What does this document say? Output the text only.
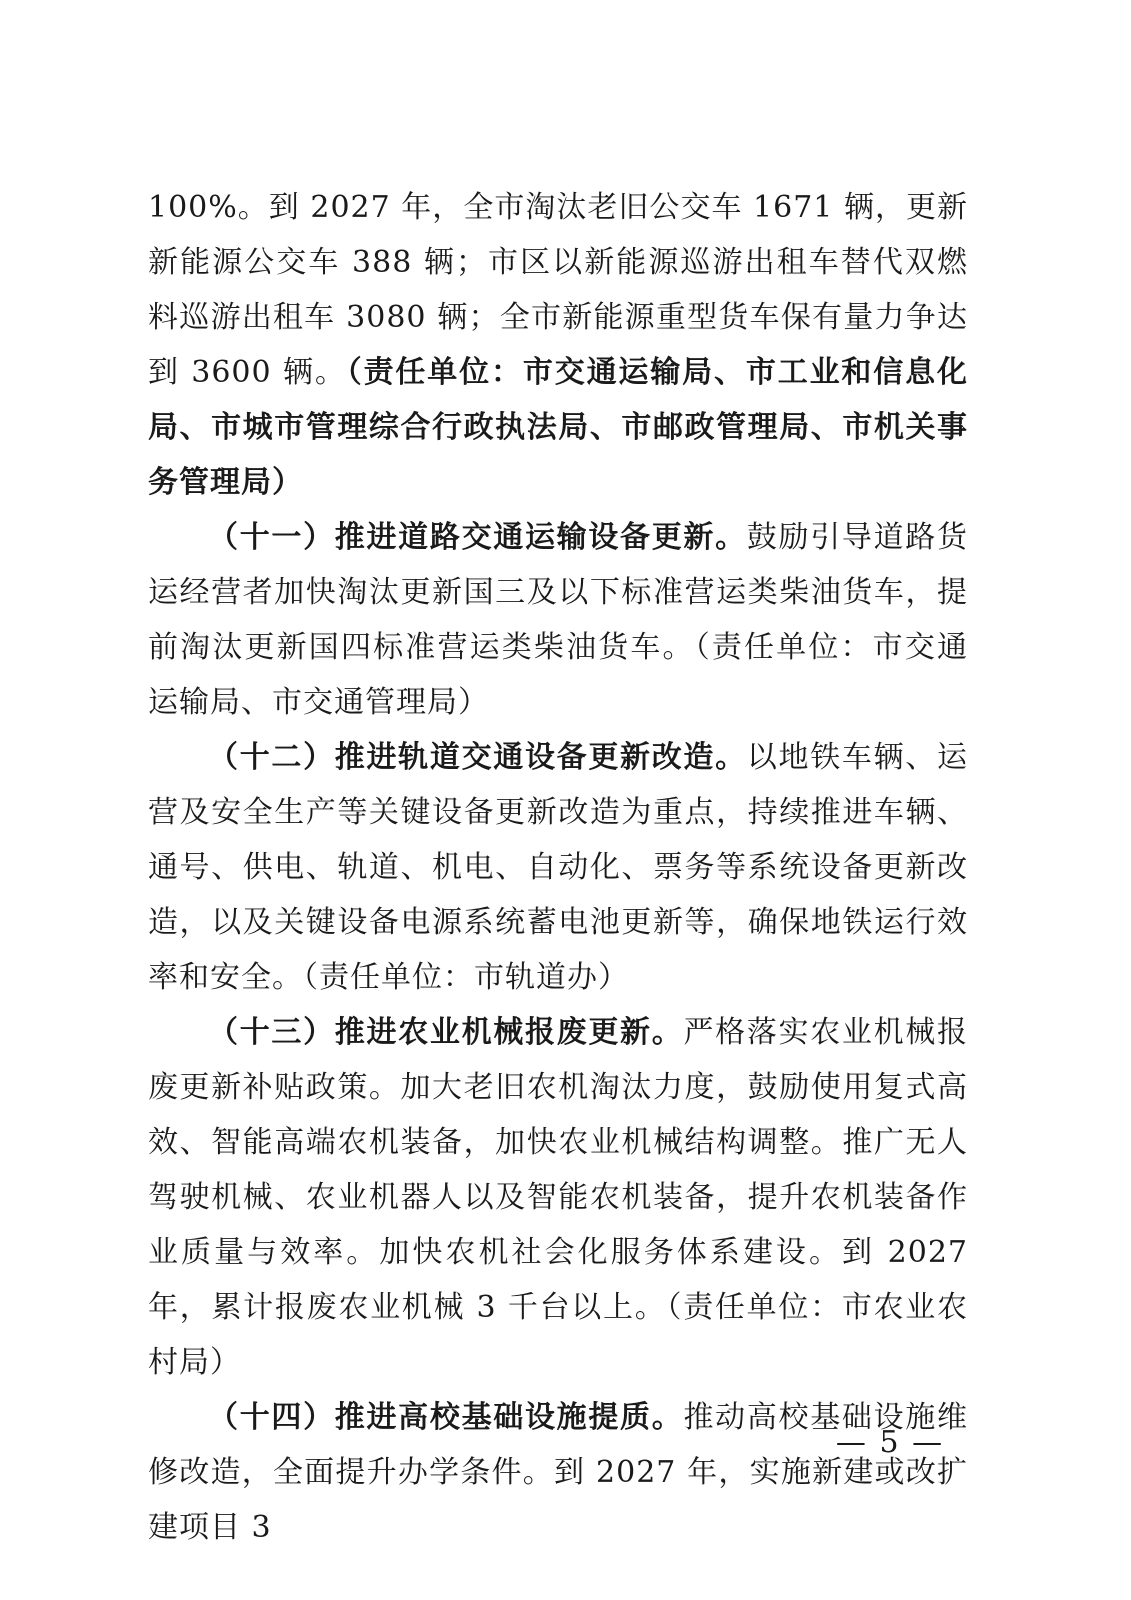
100%。到 2027 年，全市淘汰老旧公交车 1671 辆，更新新能源公交车 388 辆；市区以新能源巡游出租车替代双燃料巡游出租车 3080 辆；全市新能源重型货车保有量力争达到 3600 辆。（责任单位：市交通运输局、市工业和信息化局、市城市管理综合行政执法局、市邮政管理局、市机关事务管理局）

（十一）推进道路交通运输设备更新。鼓励引导道路货运经营者加快淘汰更新国三及以下标准营运类柴油货车，提前淘汰更新国四标准营运类柴油货车。（责任单位：市交通运输局、市交通管理局）

（十二）推进轨道交通设备更新改造。以地铁车辆、运营及安全生产等关键设备更新改造为重点，持续推进车辆、通号、供电、轨道、机电、自动化、票务等系统设备更新改造，以及关键设备电源系统蓄电池更新等，确保地铁运行效率和安全。（责任单位：市轨道办）

（十三）推进农业机械报废更新。严格落实农业机械报废更新补贴政策。加大老旧农机淘汰力度，鼓励使用复式高效、智能高端农机装备，加快农业机械结构调整。推广无人驾驶机械、农业机器人以及智能农机装备，提升农机装备作业质量与效率。加快农机社会化服务体系建设。到 2027 年，累计报废农业机械 3 千台以上。（责任单位：市农业农村局）

（十四）推进高校基础设施提质。推动高校基础设施维修改造，全面提升办学条件。到 2027 年，实施新建或改扩建项目 3

— 5 —
